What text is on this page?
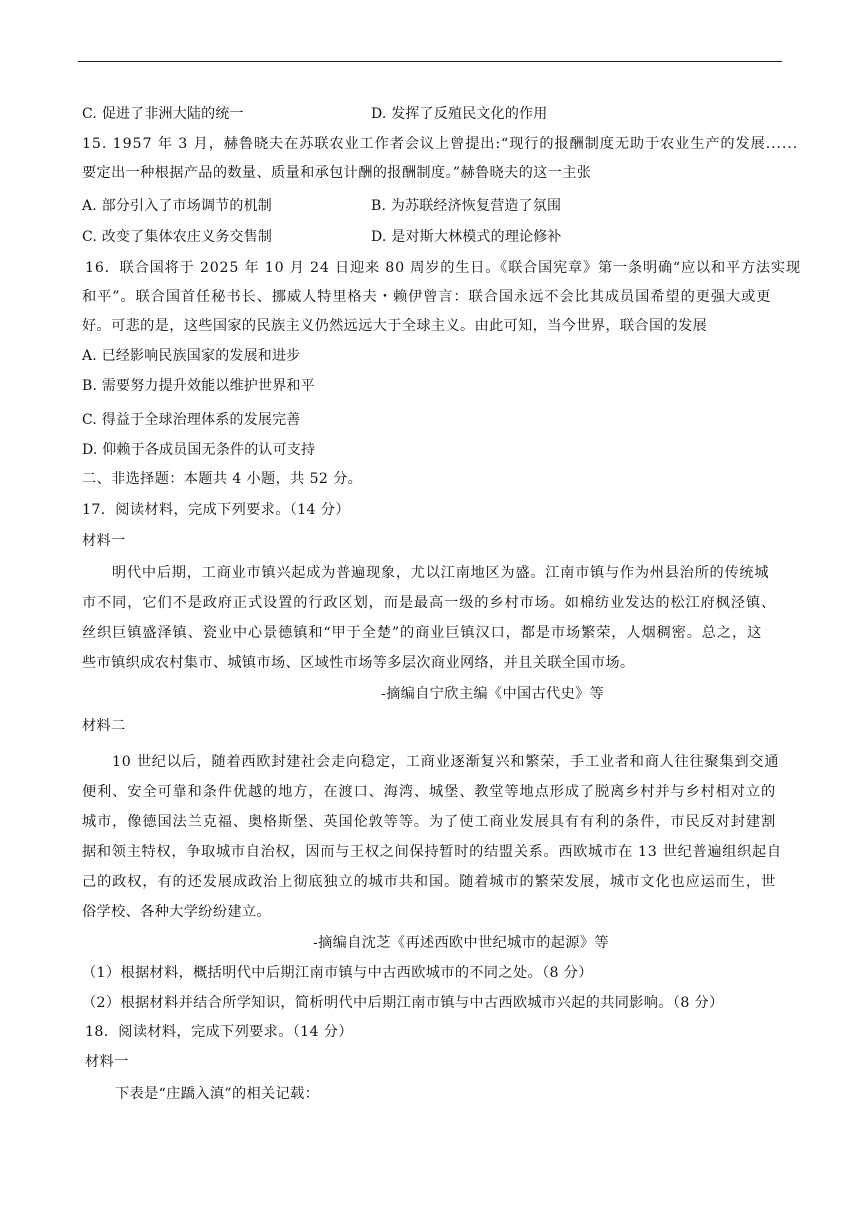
C. 促进了非洲大陆的统一	D. 发挥了反殖民文化的作用
15. 1957 年 3 月，赫鲁晓夫在苏联农业工作者会议上曾提出:“现行的报酬制度无助于农业生产的发展......
要定出一种根据产品的数量、质量和承包计酬的报酬制度。”赫鲁晓夫的这一主张
A. 部分引入了市场调节的机制	B. 为苏联经济恢复营造了氛围
C. 改变了集体农庄义务交售制	D. 是对斯大林模式的理论修补
16．联合国将于 2025 年 10 月 24 日迎来 80 周岁的生日。《联合国宪章》第一条明确“应以和平方法实现
和平”。联合国首任秘书长、挪威人特里格夫・赖伊曾言：联合国永远不会比其成员国希望的更强大或更
好。可悲的是，这些国家的民族主义仍然远远大于全球主义。由此可知，当今世界，联合国的发展
A. 已经影响民族国家的发展和进步
B. 需要努力提升效能以维护世界和平
C. 得益于全球治理体系的发展完善
D. 仰赖于各成员国无条件的认可支持
二、非选择题：本题共 4 小题，共 52 分。
17．阅读材料，完成下列要求。（14 分）
材料一
明代中后期，工商业市镇兴起成为普遍现象，尤以江南地区为盛。江南市镇与作为州县治所的传统城
市不同，它们不是政府正式设置的行政区划，而是最高一级的乡村市场。如棉纺业发达的松江府枫泾镇、
丝织巨镇盛泽镇、瓷业中心景德镇和“甲于全楚”的商业巨镇汉口，都是市场繁荣，人烟稠密。总之，这
些市镇织成农村集市、城镇市场、区域性市场等多层次商业网络，并且关联全国市场。
-摘编自宁欣主编《中国古代史》等
材料二
10 世纪以后，随着西欧封建社会走向稳定，工商业逐渐复兴和繁荣，手工业者和商人往往聚集到交通
便利、安全可靠和条件优越的地方，在渡口、海湾、城堡、教堂等地点形成了脱离乡村并与乡村相对立的
城市，像德国法兰克福、奥格斯堡、英国伦敦等等。为了使工商业发展具有有利的条件，市民反对封建割
据和领主特权，争取城市自治权，因而与王权之间保持暂时的结盟关系。西欧城市在 13 世纪普遍组织起自
己的政权，有的还发展成政治上彻底独立的城市共和国。随着城市的繁荣发展，城市文化也应运而生，世
俗学校、各种大学纷纷建立。
-摘编自沈芝《再述西欧中世纪城市的起源》等
（1）根据材料，概括明代中后期江南市镇与中古西欧城市的不同之处。（8 分）
（2）根据材料并结合所学知识，简析明代中后期江南市镇与中古西欧城市兴起的共同影响。（8 分）
18．阅读材料，完成下列要求。（14 分）
材料一
下表是“庄蹻入滇”的相关记载：
